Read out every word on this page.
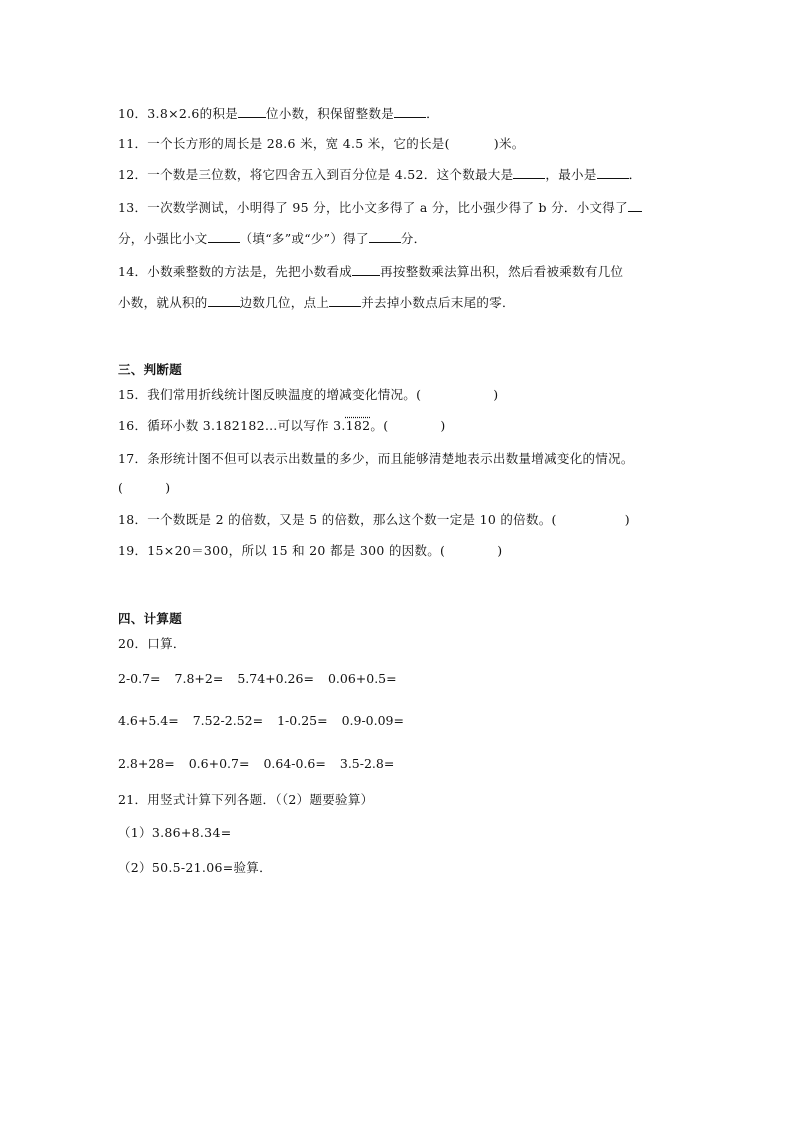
10．3.8×2.6的积是 位小数，积保留整数是	．
11．一个长方形的周长是 28.6 米，宽 4.5 米，它的长是(	)米。
12．一个数是三位数，将它四舍五入到百分位是 4.52．这个数最大是	，最小是	．
13．一次数学测试，小明得了 95 分，比小文多得了 a 分，比小强少得了 b 分．小文得了
分，小强比小文	（填“多”或“少”）得了	分．
14．小数乘整数的方法是，先把小数看成 再按整数乘法算出积，然后看被乘数有几位
小数，就从积的	边数几位，点上	并去掉小数点后末尾的零．
三、判断题
15．我们常用折线统计图反映温度的增减变化情况。(	)
16．循环小数 3.182182…可以写作 3.182。(	)
17．条形统计图不但可以表示出数量的多少，而且能够清楚地表示出数量增减变化的情况。
(	)
18．一个数既是 2 的倍数，又是 5 的倍数，那么这个数一定是 10 的倍数。(	)
19．15×20＝300，所以 15 和 20 都是 300 的因数。(	)
四、计算题
20．口算．
2-0.7= 7.8+2= 5.74+0.26= 0.06+0.5=
4.6+5.4= 7.52-2.52= 1-0.25= 0.9-0.09=
2.8+28= 0.6+0.7= 0.64-0.6= 3.5-2.8=
21．用竖式计算下列各题．（（2）题要验算）
（1）3.86+8.34=
（2）50.5-21.06=验算．
